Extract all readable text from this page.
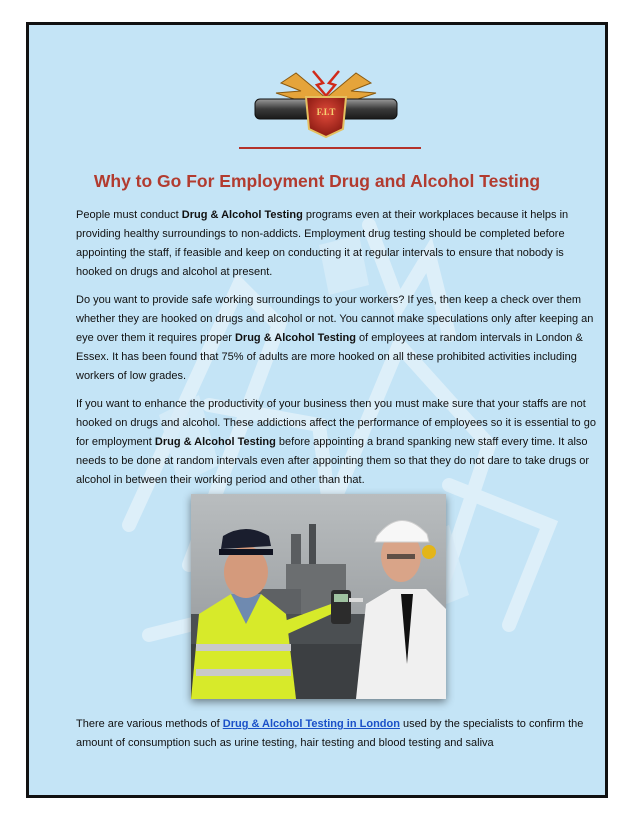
F.I.T
Why to Go For Employment Drug and Alcohol Testing

People must conduct Drug & Alcohol Testing programs even at their workplaces because it helps in providing healthy surroundings to non-addicts. Employment drug testing should be completed before appointing the staff, if feasible and keep on conducting it at regular intervals to ensure that nobody is hooked on drugs and alcohol at present.

Do you want to provide safe working surroundings to your workers? If yes, then keep a check over them whether they are hooked on drugs and alcohol or not. You cannot make speculations only after keeping an eye over them it requires proper Drug & Alcohol Testing of employees at random intervals in London & Essex. It has been found that 75% of adults are more hooked on all these prohibited activities including workers of low grades.

If you want to enhance the productivity of your business then you must make sure that your staffs are not hooked on drugs and alcohol. These addictions affect the performance of employees so it is essential to go for employment Drug & Alcohol Testing before appointing a brand spanking new staff every time. It also needs to be done at random intervals even after appointing them so that they do not dare to take drugs or alcohol in between their working period and other than that.

There are various methods of Drug & Alcohol Testing in London used by the specialists to confirm the amount of consumption such as urine testing, hair testing and blood testing and saliva
